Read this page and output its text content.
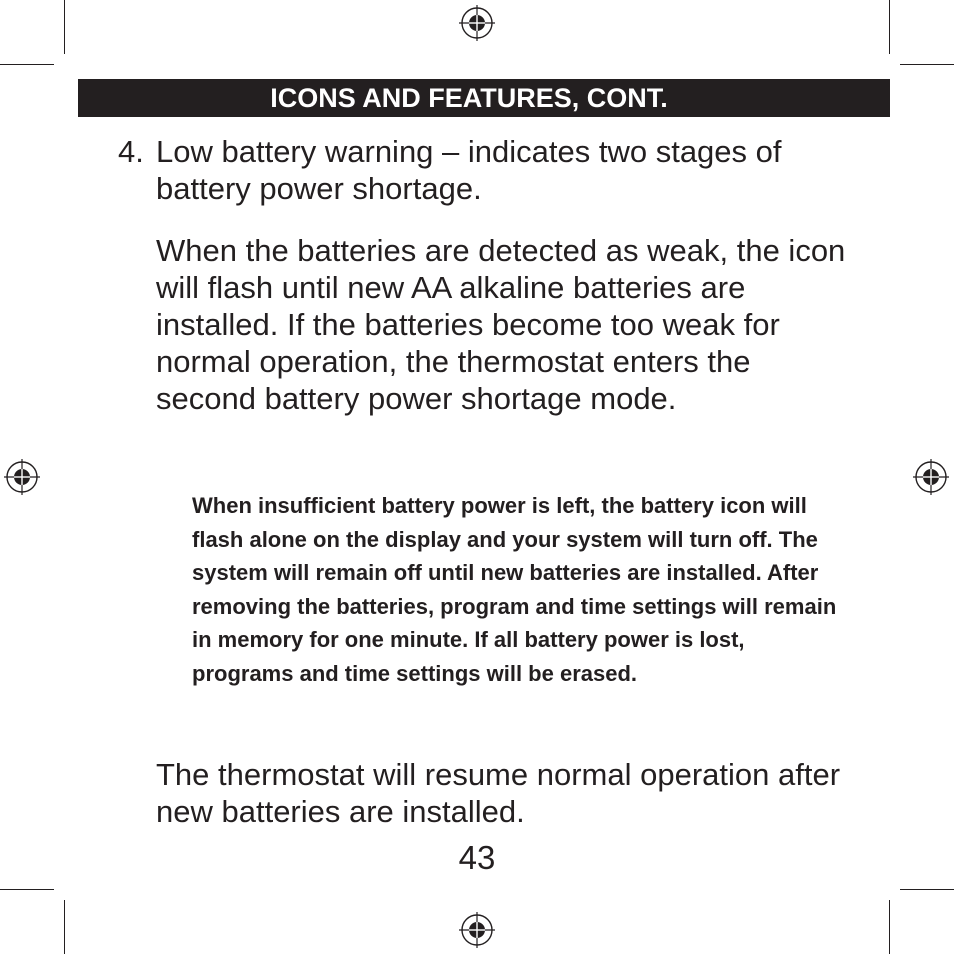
ICONS AND FEATURES, CONT.
4. Low battery warning – indicates two stages of battery power shortage.
When the batteries are detected as weak, the icon will flash until new AA alkaline batteries are installed. If the batteries become too weak for normal operation, the thermostat enters the second battery power shortage mode.
When insufficient battery power is left, the battery icon will flash alone on the display and your system will turn off. The system will remain off until new batteries are installed. After removing the batteries, program and time settings will remain in memory for one minute. If all battery power is lost, programs and time settings will be erased.
The thermostat will resume normal operation after new batteries are installed.
43
